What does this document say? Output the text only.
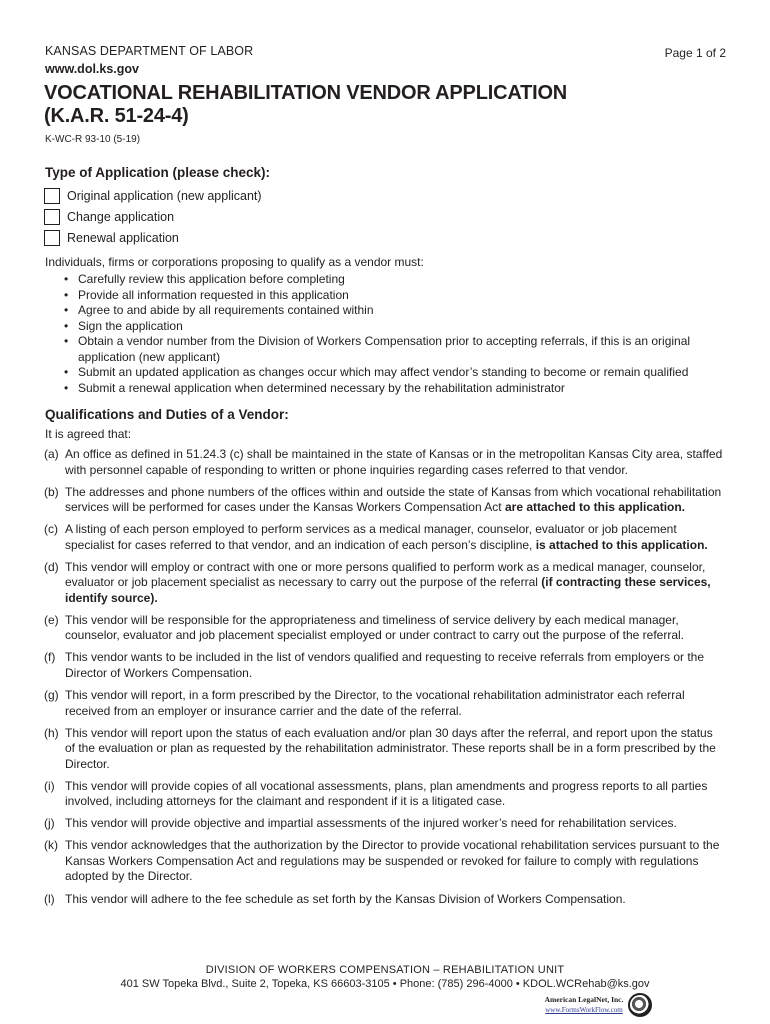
KANSAS DEPARTMENT OF LABOR
www.dol.ks.gov
Page 1 of 2
VOCATIONAL REHABILITATION VENDOR APPLICATION
(K.A.R. 51-24-4)
K-WC-R 93-10 (5-19)
Type of Application (please check):
Original application (new applicant)
Change application
Renewal application
Individuals, firms or corporations proposing to qualify as a vendor must:
• Carefully review this application before completing
• Provide all information requested in this application
• Agree to and abide by all requirements contained within
• Sign the application
• Obtain a vendor number from the Division of Workers Compensation prior to accepting referrals, if this is an original application (new applicant)
• Submit an updated application as changes occur which may affect vendor’s standing to become or remain qualified
• Submit a renewal application when determined necessary by the rehabilitation administrator
Qualifications and Duties of a Vendor:
It is agreed that:
(a) An office as defined in 51.24.3 (c) shall be maintained in the state of Kansas or in the metropolitan Kansas City area, staffed with personnel capable of responding to written or phone inquiries regarding cases referred to that vendor.
(b) The addresses and phone numbers of the offices within and outside the state of Kansas from which vocational rehabilitation services will be performed for cases under the Kansas Workers Compensation Act are attached to this application.
(c) A listing of each person employed to perform services as a medical manager, counselor, evaluator or job placement specialist for cases referred to that vendor, and an indication of each person’s discipline, is attached to this application.
(d) This vendor will employ or contract with one or more persons qualified to perform work as a medical manager, counselor, evaluator or job placement specialist as necessary to carry out the purpose of the referral (if contracting these services, identify source).
(e) This vendor will be responsible for the appropriateness and timeliness of service delivery by each medical manager, counselor, evaluator and job placement specialist employed or under contract to carry out the purpose of the referral.
(f) This vendor wants to be included in the list of vendors qualified and requesting to receive referrals from employers or the Director of Workers Compensation.
(g) This vendor will report, in a form prescribed by the Director, to the vocational rehabilitation administrator each referral received from an employer or insurance carrier and the date of the referral.
(h) This vendor will report upon the status of each evaluation and/or plan 30 days after the referral, and report upon the status of the evaluation or plan as requested by the rehabilitation administrator. These reports shall be in a form prescribed by the Director.
(i) This vendor will provide copies of all vocational assessments, plans, plan amendments and progress reports to all parties involved, including attorneys for the claimant and respondent if it is a litigated case.
(j) This vendor will provide objective and impartial assessments of the injured worker’s need for rehabilitation services.
(k) This vendor acknowledges that the authorization by the Director to provide vocational rehabilitation services pursuant to the Kansas Workers Compensation Act and regulations may be suspended or revoked for failure to comply with regulations adopted by the Director.
(l) This vendor will adhere to the fee schedule as set forth by the Kansas Division of Workers Compensation.
DIVISION OF WORKERS COMPENSATION – REHABILITATION UNIT
401 SW Topeka Blvd., Suite 2, Topeka, KS 66603-3105 • Phone: (785) 296-4000 • KDOL.WCRehab@ks.gov
American LegalNet, Inc.
www.FormsWorkFlow.com
